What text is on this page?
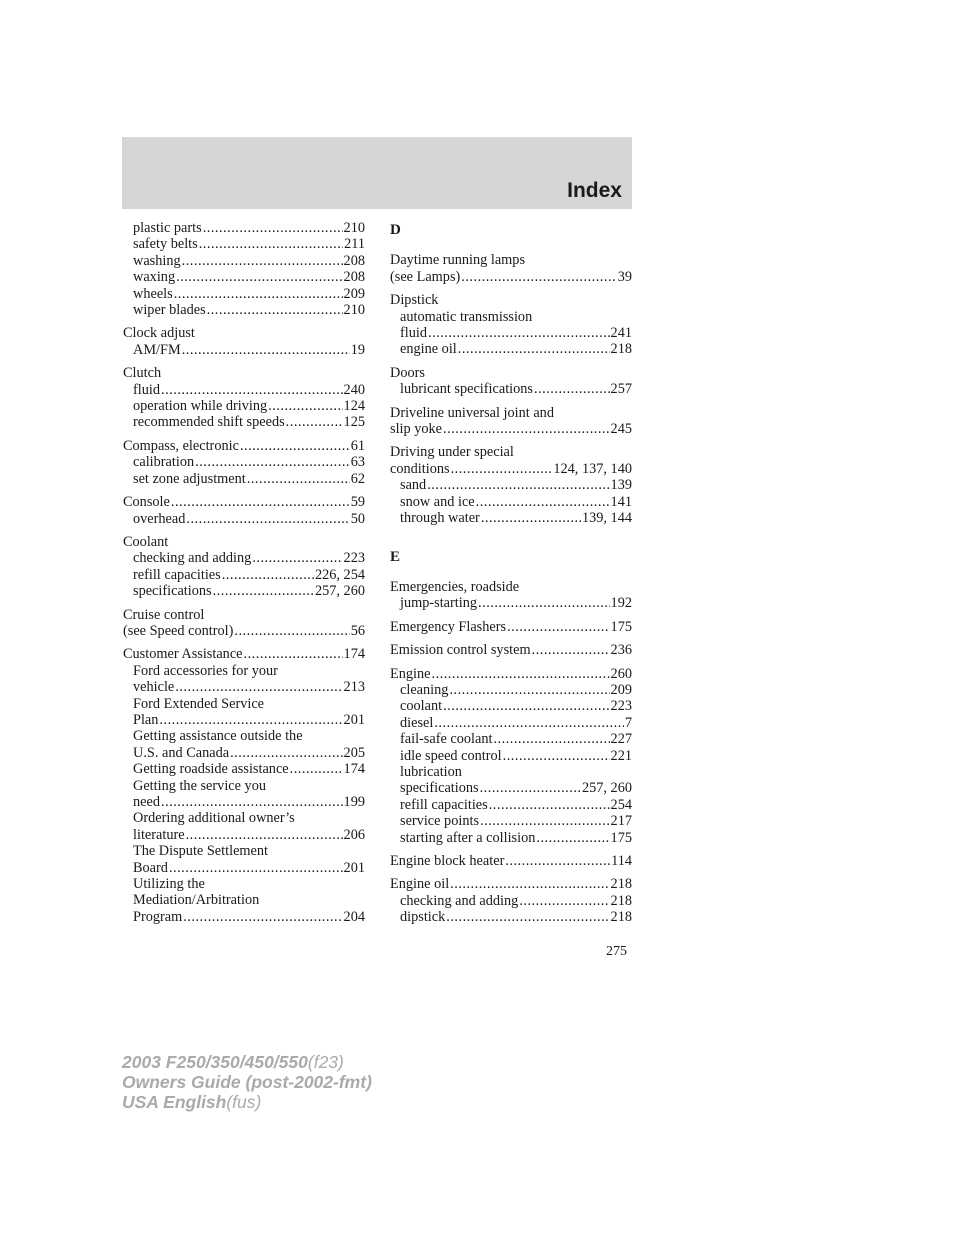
Index
plastic parts .....	210
safety belts .....	211
washing .....	208
waxing .....	208
wheels .....	209
wiper blades .....	210
Clock adjust
AM/FM .....	19
Clutch
fluid .....	240
operation while driving .....	124
recommended shift speeds .....	125
Compass, electronic .....	61
calibration .....	63
set zone adjustment .....	62
Console .....	59
overhead .....	50
Coolant
checking and adding .....	223
refill capacities .....	226, 254
specifications .....	257, 260
Cruise control
(see Speed control) .....	56
Customer Assistance .....	174
Ford accessories for your
vehicle .....	213
Ford Extended Service
Plan .....	201
Getting assistance outside the
U.S. and Canada .....	205
Getting roadside assistance .....	174
Getting the service you
need .....	199
Ordering additional owner’s
literature .....	206
The Dispute Settlement
Board .....	201
Utilizing the
Mediation/Arbitration
Program .....	204
D
Daytime running lamps
(see Lamps) .....	39
Dipstick
automatic transmission
fluid .....	241
engine oil .....	218
Doors
lubricant specifications .....	257
Driveline universal joint and
slip yoke .....	245
Driving under special
conditions .....	124, 137, 140
sand .....	139
snow and ice .....	141
through water .....	139, 144
E
Emergencies, roadside
jump-starting .....	192
Emergency Flashers .....	175
Emission control system .....	236
Engine .....	260
cleaning .....	209
coolant .....	223
diesel .....	7
fail-safe coolant .....	227
idle speed control .....	221
lubrication
specifications .....	257, 260
refill capacities .....	254
service points .....	217
starting after a collision .....	175
Engine block heater .....	114
Engine oil .....	218
checking and adding .....	218
dipstick .....	218
275
2003 F250/350/450/550(f23)
Owners Guide (post-2002-fmt)
USA English(fus)
